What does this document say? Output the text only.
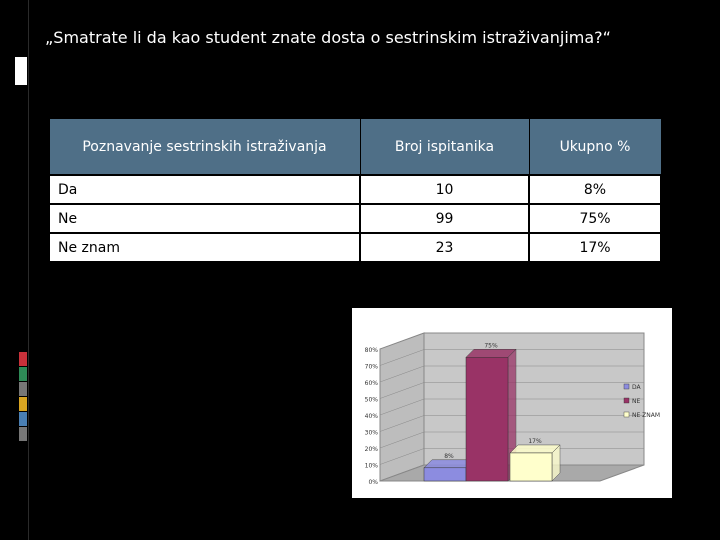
„Smatrate li da kao student znate dosta o sestrinskim istraživanjima?“
Poznavanje sestrinskih istraživanja	Broj ispitanika	Ukupno %
Da	10	8%
Ne	99	75%
Ne znam	23	17%
0%
10%
20%
30%
40%
50%
60%
70%
80%
8%
75%
17%
DA
NE
NE ZNAM
